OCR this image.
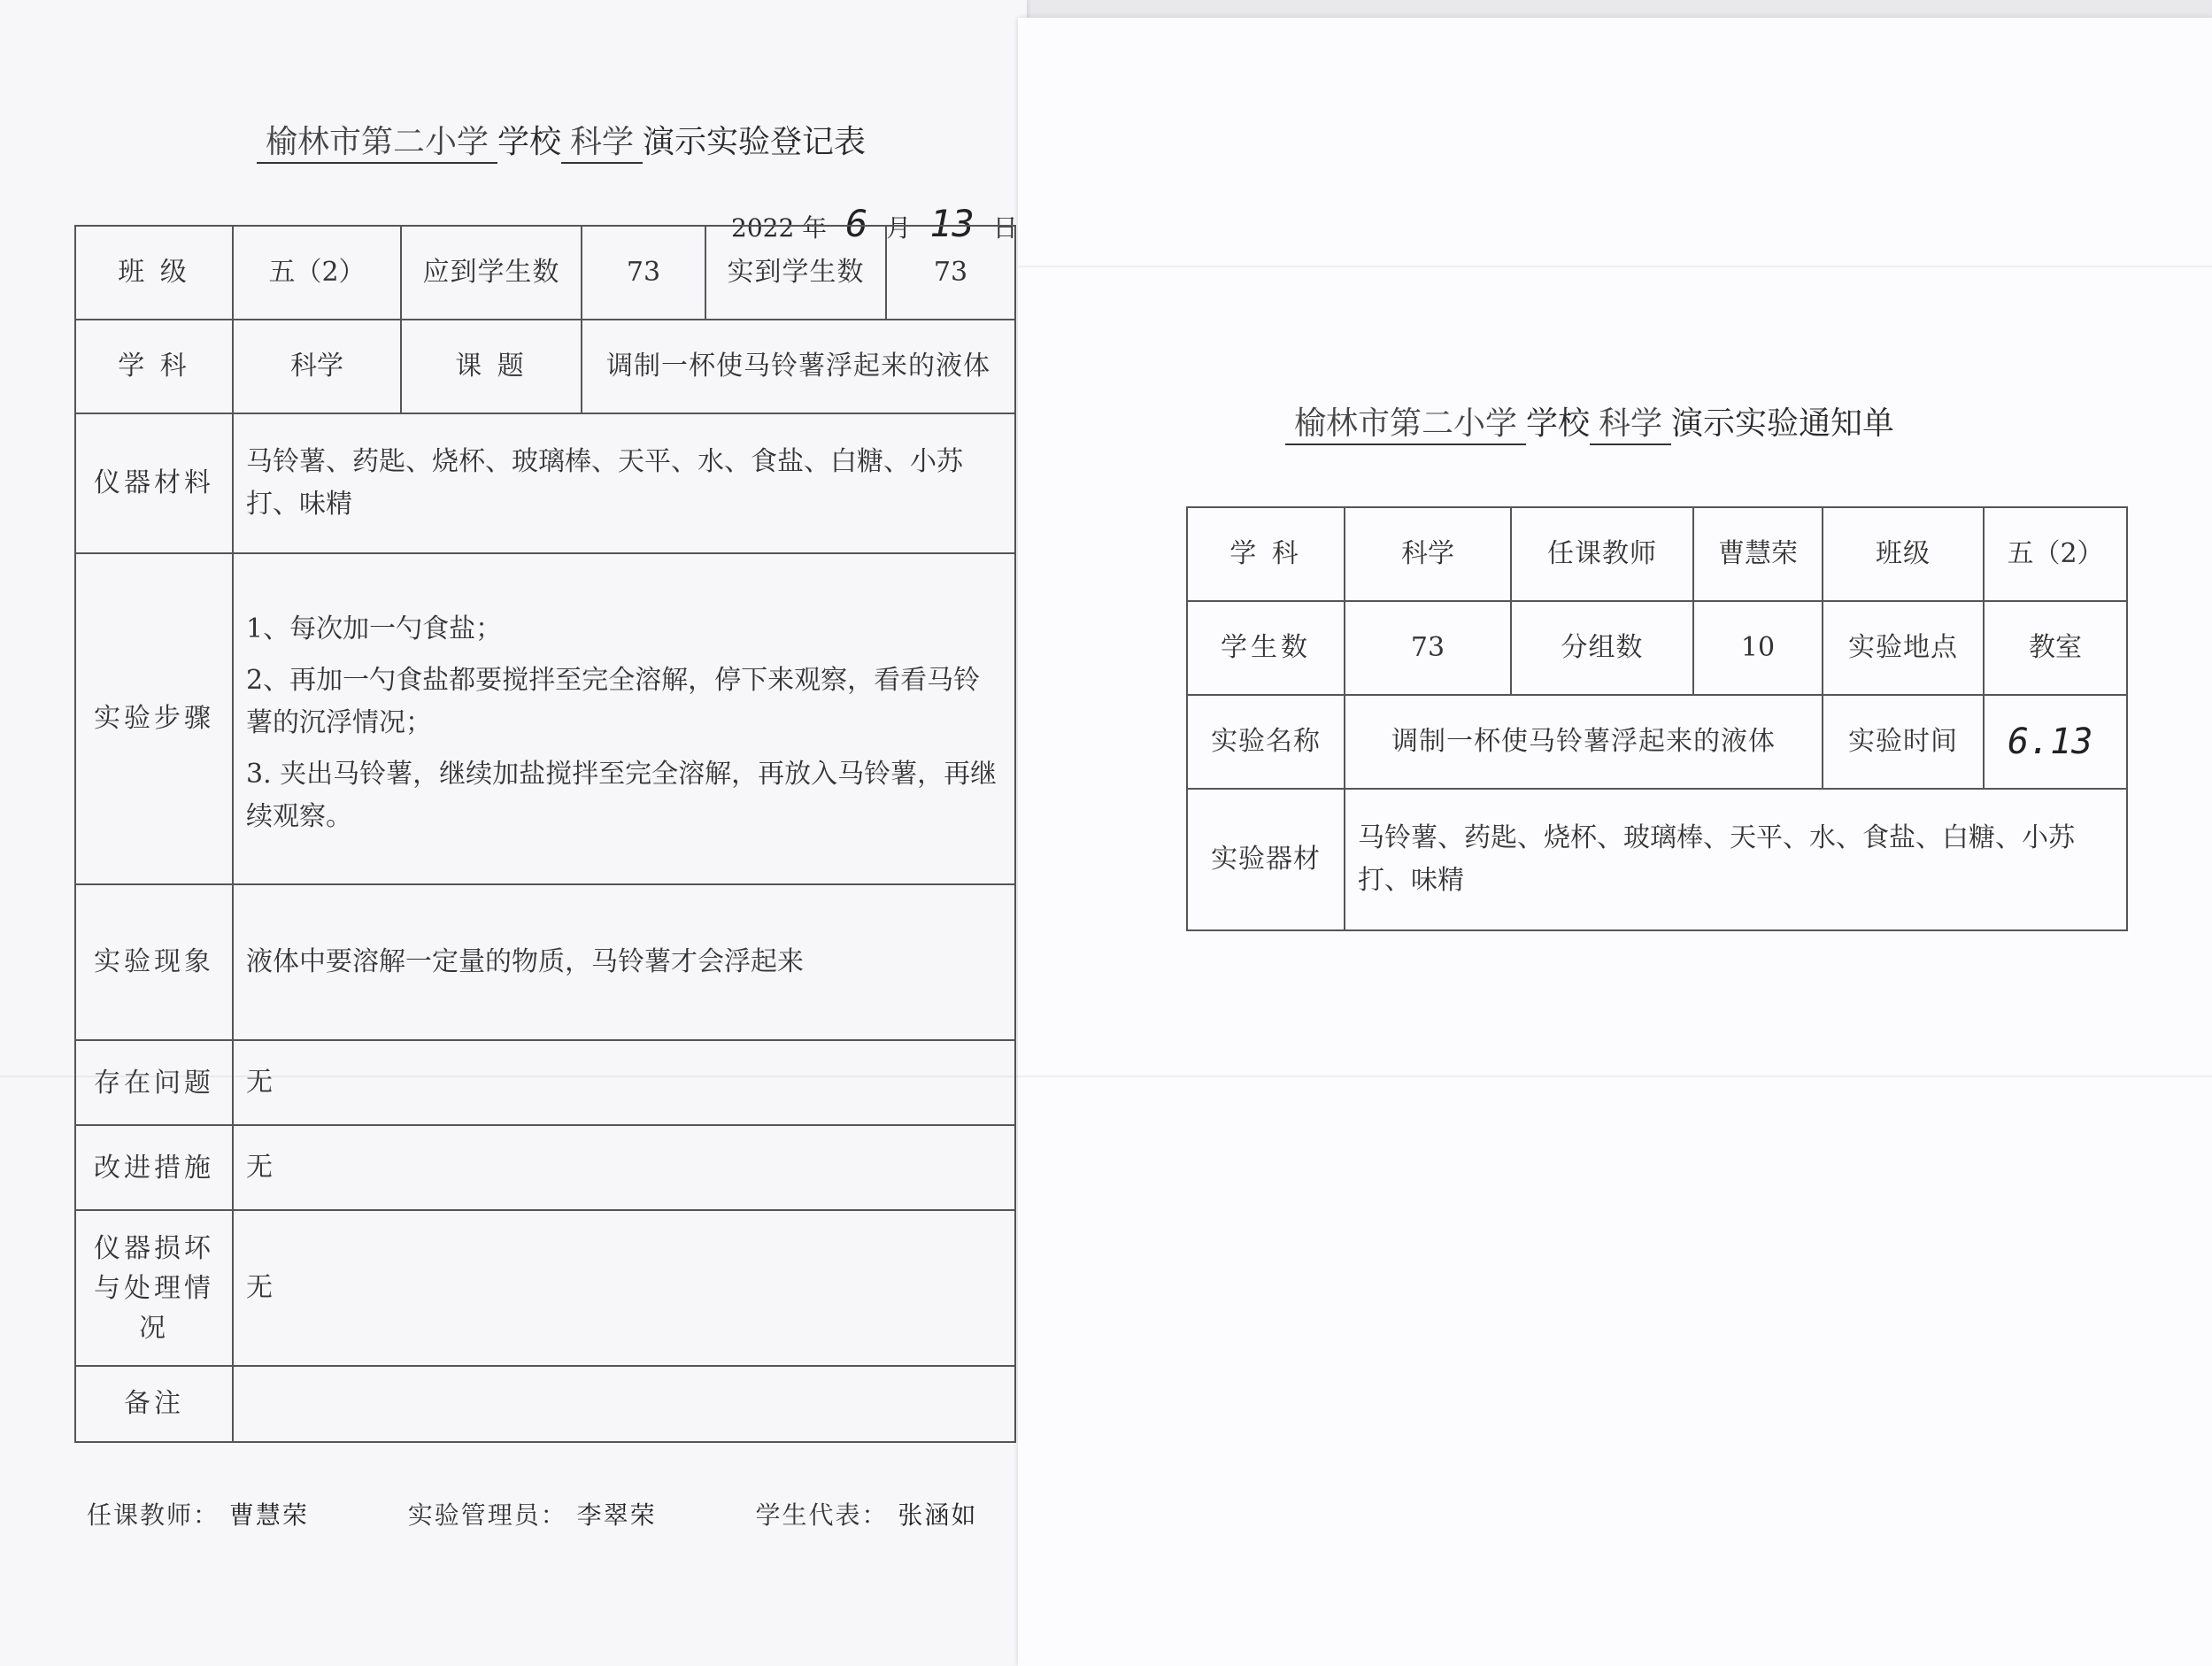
榆林市第二小学 学校 科学 演示实验登记表
2022 年 6 月 13 日
班 级	五（2）	应到学生数	73	实到学生数	73
学 科	科学	课 题	调制一杯使马铃薯浮起来的液体		
仪器材料	马铃薯、药匙、烧杯、玻璃棒、天平、水、食盐、白糖、小苏打、味精				
实验步骤	1、每次加一勺食盐；
2、再加一勺食盐都要搅拌至完全溶解，停下来观察，看看马铃薯的沉浮情况；
3. 夹出马铃薯，继续加盐搅拌至完全溶解，再放入马铃薯，再继续观察。				

实验现象	液体中要溶解一定量的物质，马铃薯才会浮起来				
存在问题	无				
改进措施	无				
仪器损坏与处理情况	无				
备注					
任课教师： 曹慧荣	实验管理员： 李翠荣	学生代表： 张涵如
榆林市第二小学 学校 科学 演示实验通知单
学 科	科学	任课教师	曹慧荣	班级	五（2）
学生数	73	分组数	10	实验地点	教室
实验名称	调制一杯使马铃薯浮起来的液体			实验时间	6.13
实验器材	马铃薯、药匙、烧杯、玻璃棒、天平、水、食盐、白糖、小苏打、味精				
